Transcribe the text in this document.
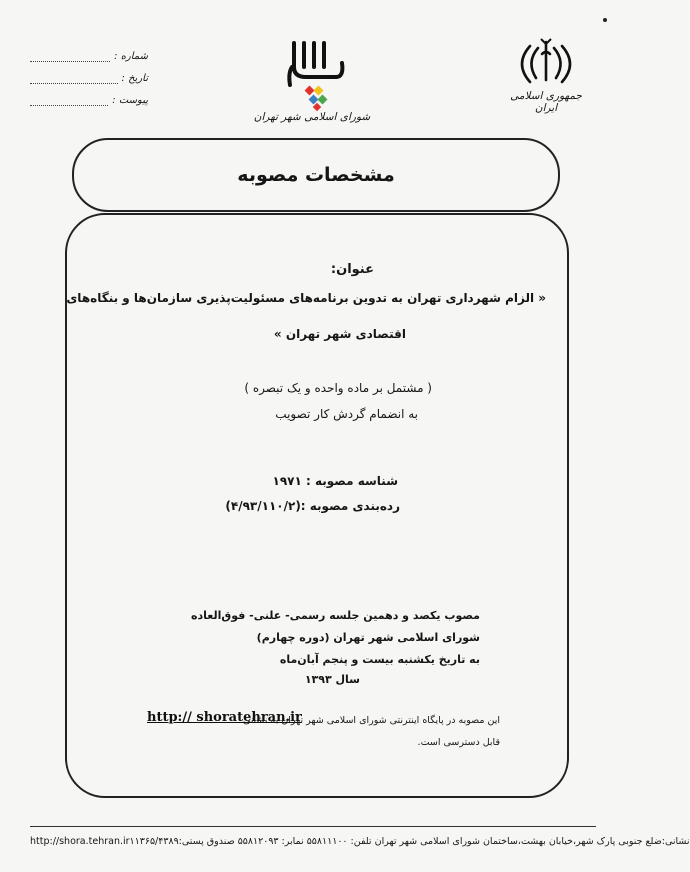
شماره :
تاریخ :
پیوست :
شورای اسلامی شهر تهران
جمهوری اسلامی ایران
مشخصات مصوبه
عنوان:
« الزام شهرداری تهران به تدوین برنامه‌های مسئولیت‌پذیری سازمان‌ها و بنگاه‌های
اقتصادی شهر تهران »
( مشتمل بر ماده واحده و یک تبصره )
به انضمام گردش کار تصویب
شناسه مصوبه : ۱۹۷۱
رده‌بندی مصوبه :(۴/۹۳/۱۱۰/۲)
مصوب یکصد و دهمین جلسه رسمی- علنی- فوق‌العاده
شورای اسلامی شهر تهران (دوره چهارم)
به تاریخ یکشنبه بیست و پنجم آبان‌ماه
سال ۱۳۹۳
این مصوبه در پایگاه اینترنتی شورای اسلامی شهر تهران به نشانی
http:// shoratehran.ir
قابل دسترسی است.
http://shora.tehran.ir نشانی:ضلع جنوبی پارک شهر،خیابان بهشت،ساختمان شورای اسلامی شهر تهران تلفن: ۵۵۸۱۱۱۰۰ نمابر: ۵۵۸۱۲۰۹۳ صندوق پستی:۱۱۳۶۵/۴۳۸۹
